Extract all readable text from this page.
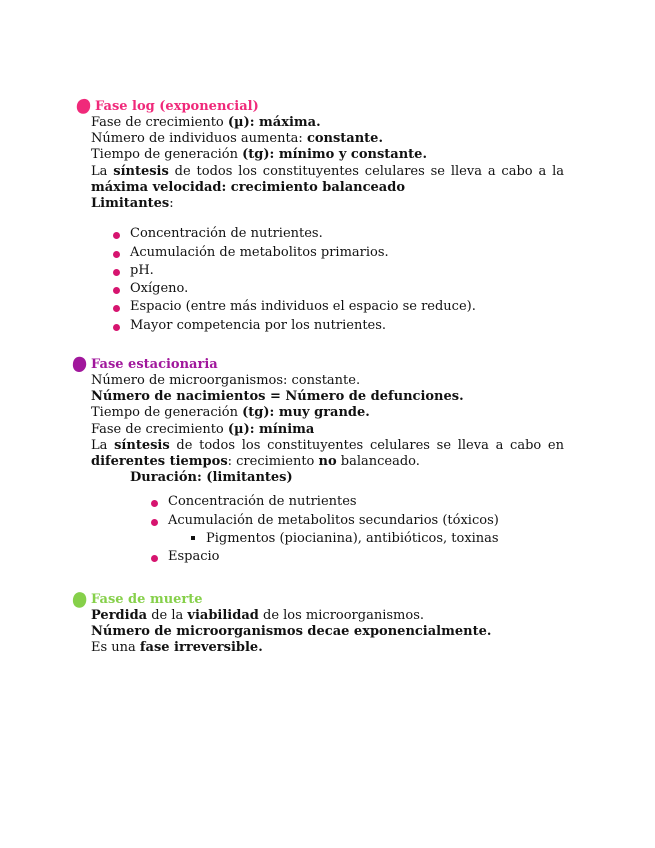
Fase log (exponencial)
Fase de crecimiento (µ): máxima.
Número de individuos aumenta: constante.
Tiempo de generación (tg): mínimo y constante.
La síntesis de todos los constituyentes celulares se lleva a cabo a la máxima velocidad: crecimiento balanceado
Limitantes:
Concentración de nutrientes.
Acumulación de metabolitos primarios.
pH.
Oxígeno.
Espacio (entre más individuos el espacio se reduce).
Mayor competencia por los nutrientes.
Fase estacionaria
Número de microorganismos: constante.
Número de nacimientos = Número de defunciones.
Tiempo de generación (tg): muy grande.
Fase de crecimiento (µ): mínima
La síntesis de todos los constituyentes celulares se lleva a cabo en diferentes tiempos: crecimiento no balanceado.
Duración: (limitantes)
Concentración de nutrientes
Acumulación de metabolitos secundarios (tóxicos)
Pigmentos (piocianina), antibióticos, toxinas
Espacio
Fase de muerte
Perdida de la viabilidad de los microorganismos.
Número de microorganismos decae exponencialmente.
Es una fase irreversible.
